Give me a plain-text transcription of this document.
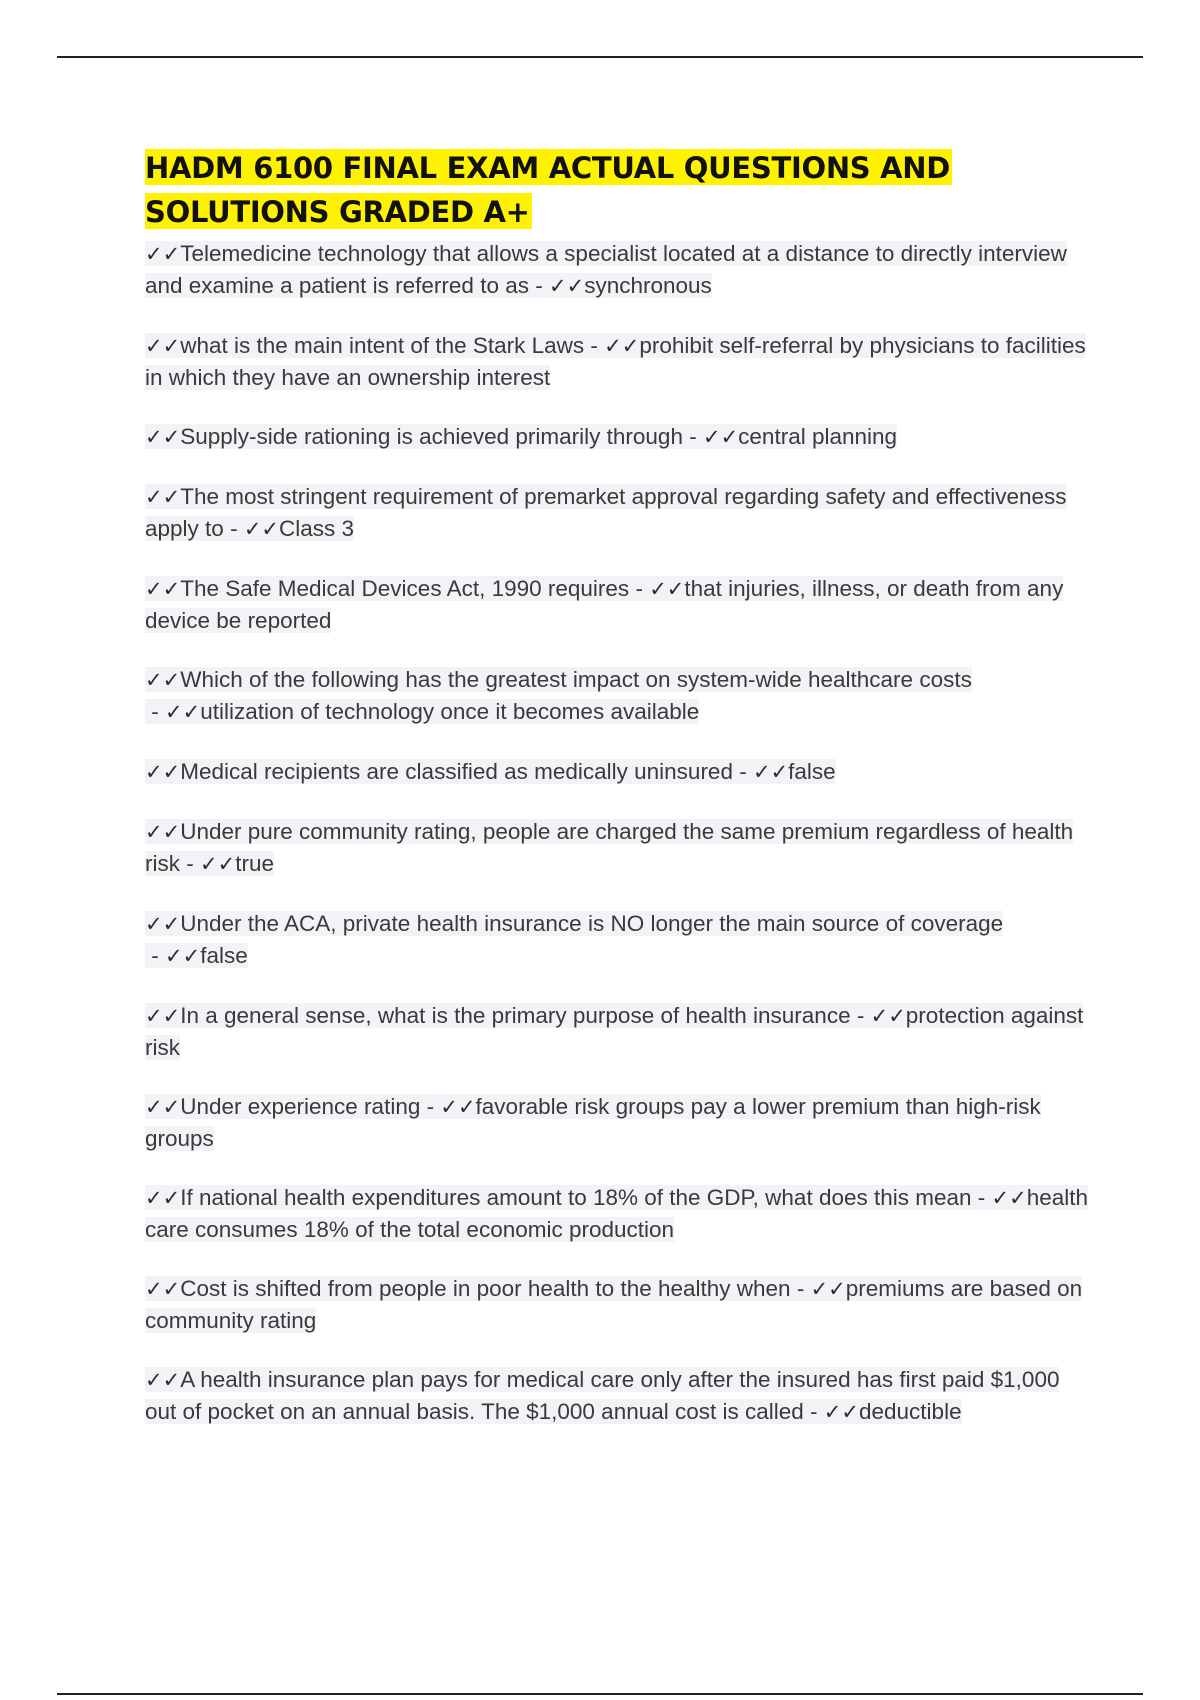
HADM 6100 FINAL EXAM ACTUAL QUESTIONS AND SOLUTIONS GRADED A+
✓✓Telemedicine technology that allows a specialist located at a distance to directly interview and examine a patient is referred to as - ✓✓synchronous
✓✓what is the main intent of the Stark Laws - ✓✓prohibit self-referral by physicians to facilities in which they have an ownership interest
✓✓Supply-side rationing is achieved primarily through - ✓✓central planning
✓✓The most stringent requirement of premarket approval regarding safety and effectiveness apply to - ✓✓Class 3
✓✓The Safe Medical Devices Act, 1990 requires - ✓✓that injuries, illness, or death from any device be reported
✓✓Which of the following has the greatest impact on system-wide healthcare costs - ✓✓utilization of technology once it becomes available
✓✓Medical recipients are classified as medically uninsured - ✓✓false
✓✓Under pure community rating, people are charged the same premium regardless of health risk - ✓✓true
✓✓Under the ACA, private health insurance is NO longer the main source of coverage - ✓✓false
✓✓In a general sense, what is the primary purpose of health insurance - ✓✓protection against risk
✓✓Under experience rating - ✓✓favorable risk groups pay a lower premium than high-risk groups
✓✓If national health expenditures amount to 18% of the GDP, what does this mean - ✓✓health care consumes 18% of the total economic production
✓✓Cost is shifted from people in poor health to the healthy when - ✓✓premiums are based on community rating
✓✓A health insurance plan pays for medical care only after the insured has first paid $1,000 out of pocket on an annual basis. The $1,000 annual cost is called - ✓✓deductible
